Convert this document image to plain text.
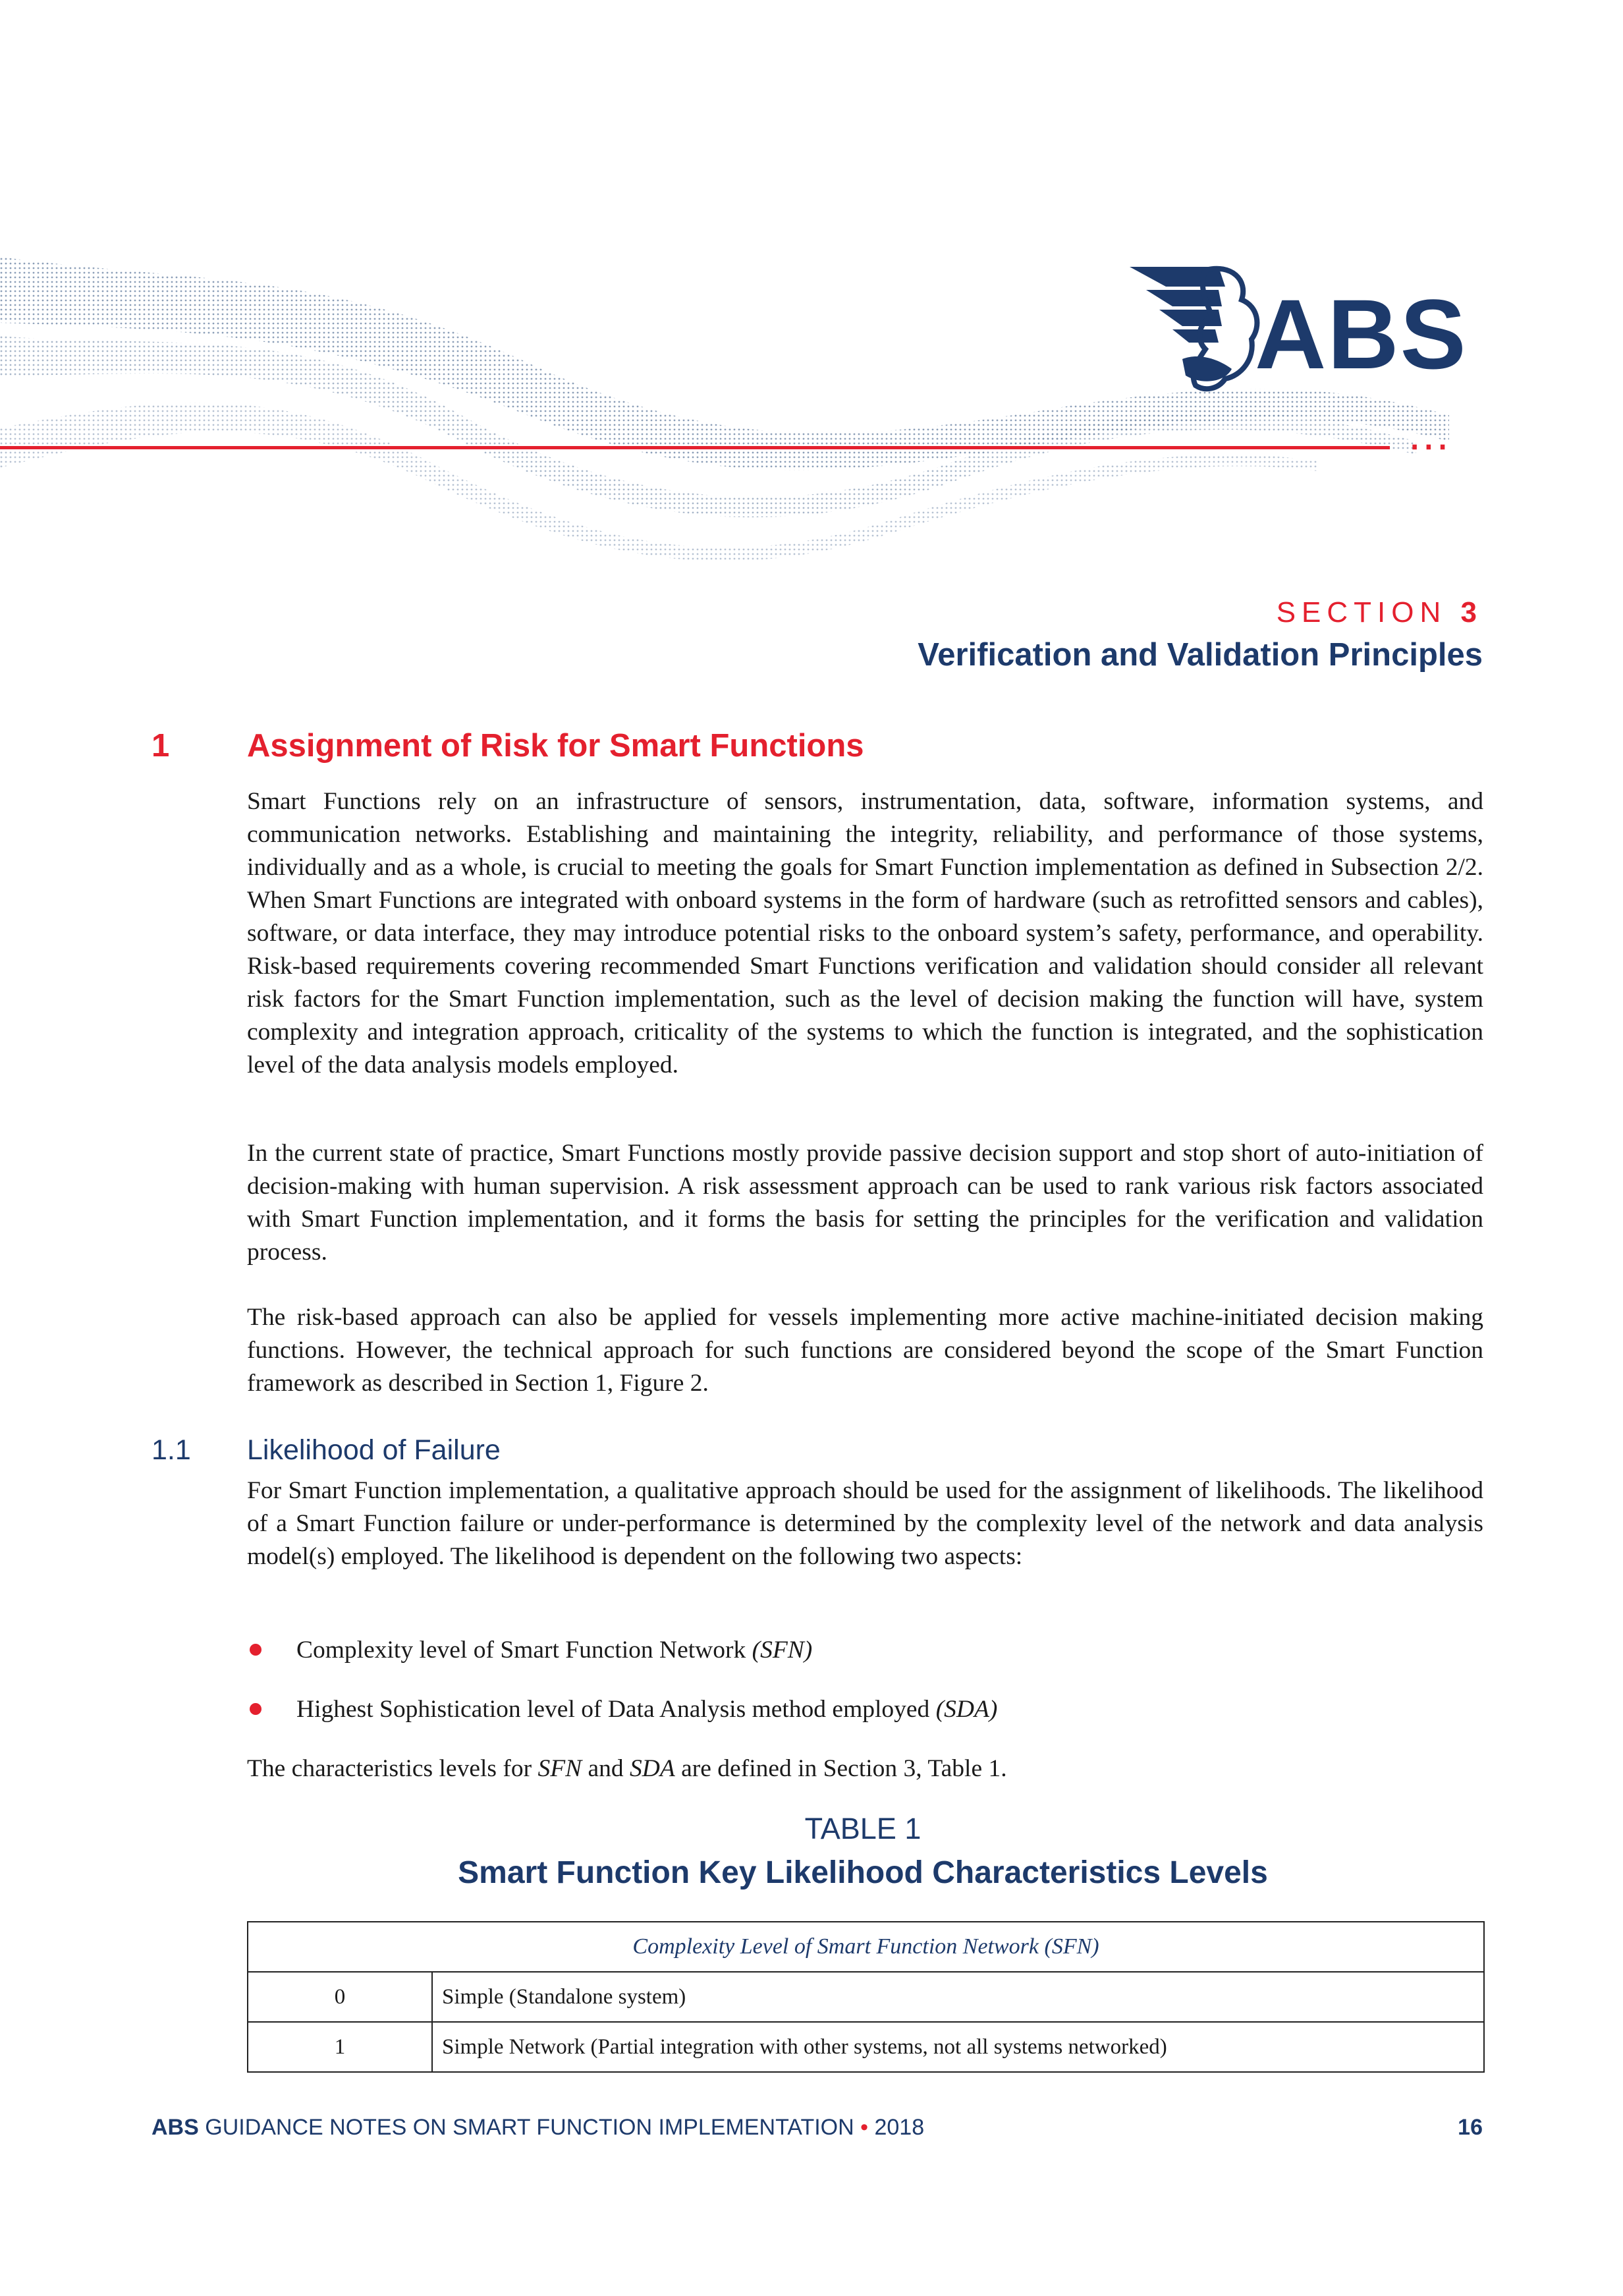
⋅⋅⋅
ABS
SECTION 3
Verification and Validation Principles
1 Assignment of Risk for Smart Functions

Smart Functions rely on an infrastructure of sensors, instrumentation, data, software, information systems, and communication networks. Establishing and maintaining the integrity, reliability, and performance of those systems, individually and as a whole, is crucial to meeting the goals for Smart Function implementation as defined in Subsection 2/2. When Smart Functions are integrated with onboard systems in the form of hardware (such as retrofitted sensors and cables), software, or data interface, they may introduce potential risks to the onboard system’s safety, performance, and operability. Risk-based requirements covering recommended Smart Functions verification and validation should consider all relevant risk factors for the Smart Function implementation, such as the level of decision making the function will have, system complexity and integration approach, criticality of the systems to which the function is integrated, and the sophistication level of the data analysis models employed.

In the current state of practice, Smart Functions mostly provide passive decision support and stop short of auto-initiation of decision-making with human supervision. A risk assessment approach can be used to rank various risk factors associated with Smart Function implementation, and it forms the basis for setting the principles for the verification and validation process.

The risk-based approach can also be applied for vessels implementing more active machine-initiated decision making functions. However, the technical approach for such functions are considered beyond the scope of the Smart Function framework as described in Section 1, Figure 2.

1.1 Likelihood of Failure

For Smart Function implementation, a qualitative approach should be used for the assignment of likelihoods. The likelihood of a Smart Function failure or under-performance is determined by the complexity level of the network and data analysis model(s) employed. The likelihood is dependent on the following two aspects:

Complexity level of Smart Function Network (SFN)
Highest Sophistication level of Data Analysis method employed (SDA)

The characteristics levels for SFN and SDA are defined in Section 3, Table 1.

TABLE 1
Smart Function Key Likelihood Characteristics Levels
Complexity Level of Smart Function Network (SFN)	
0	Simple (Standalone system)
1	Simple Network (Partial integration with other systems, not all systems networked)
ABS GUIDANCE NOTES ON SMART FUNCTION IMPLEMENTATION • 2018	16
